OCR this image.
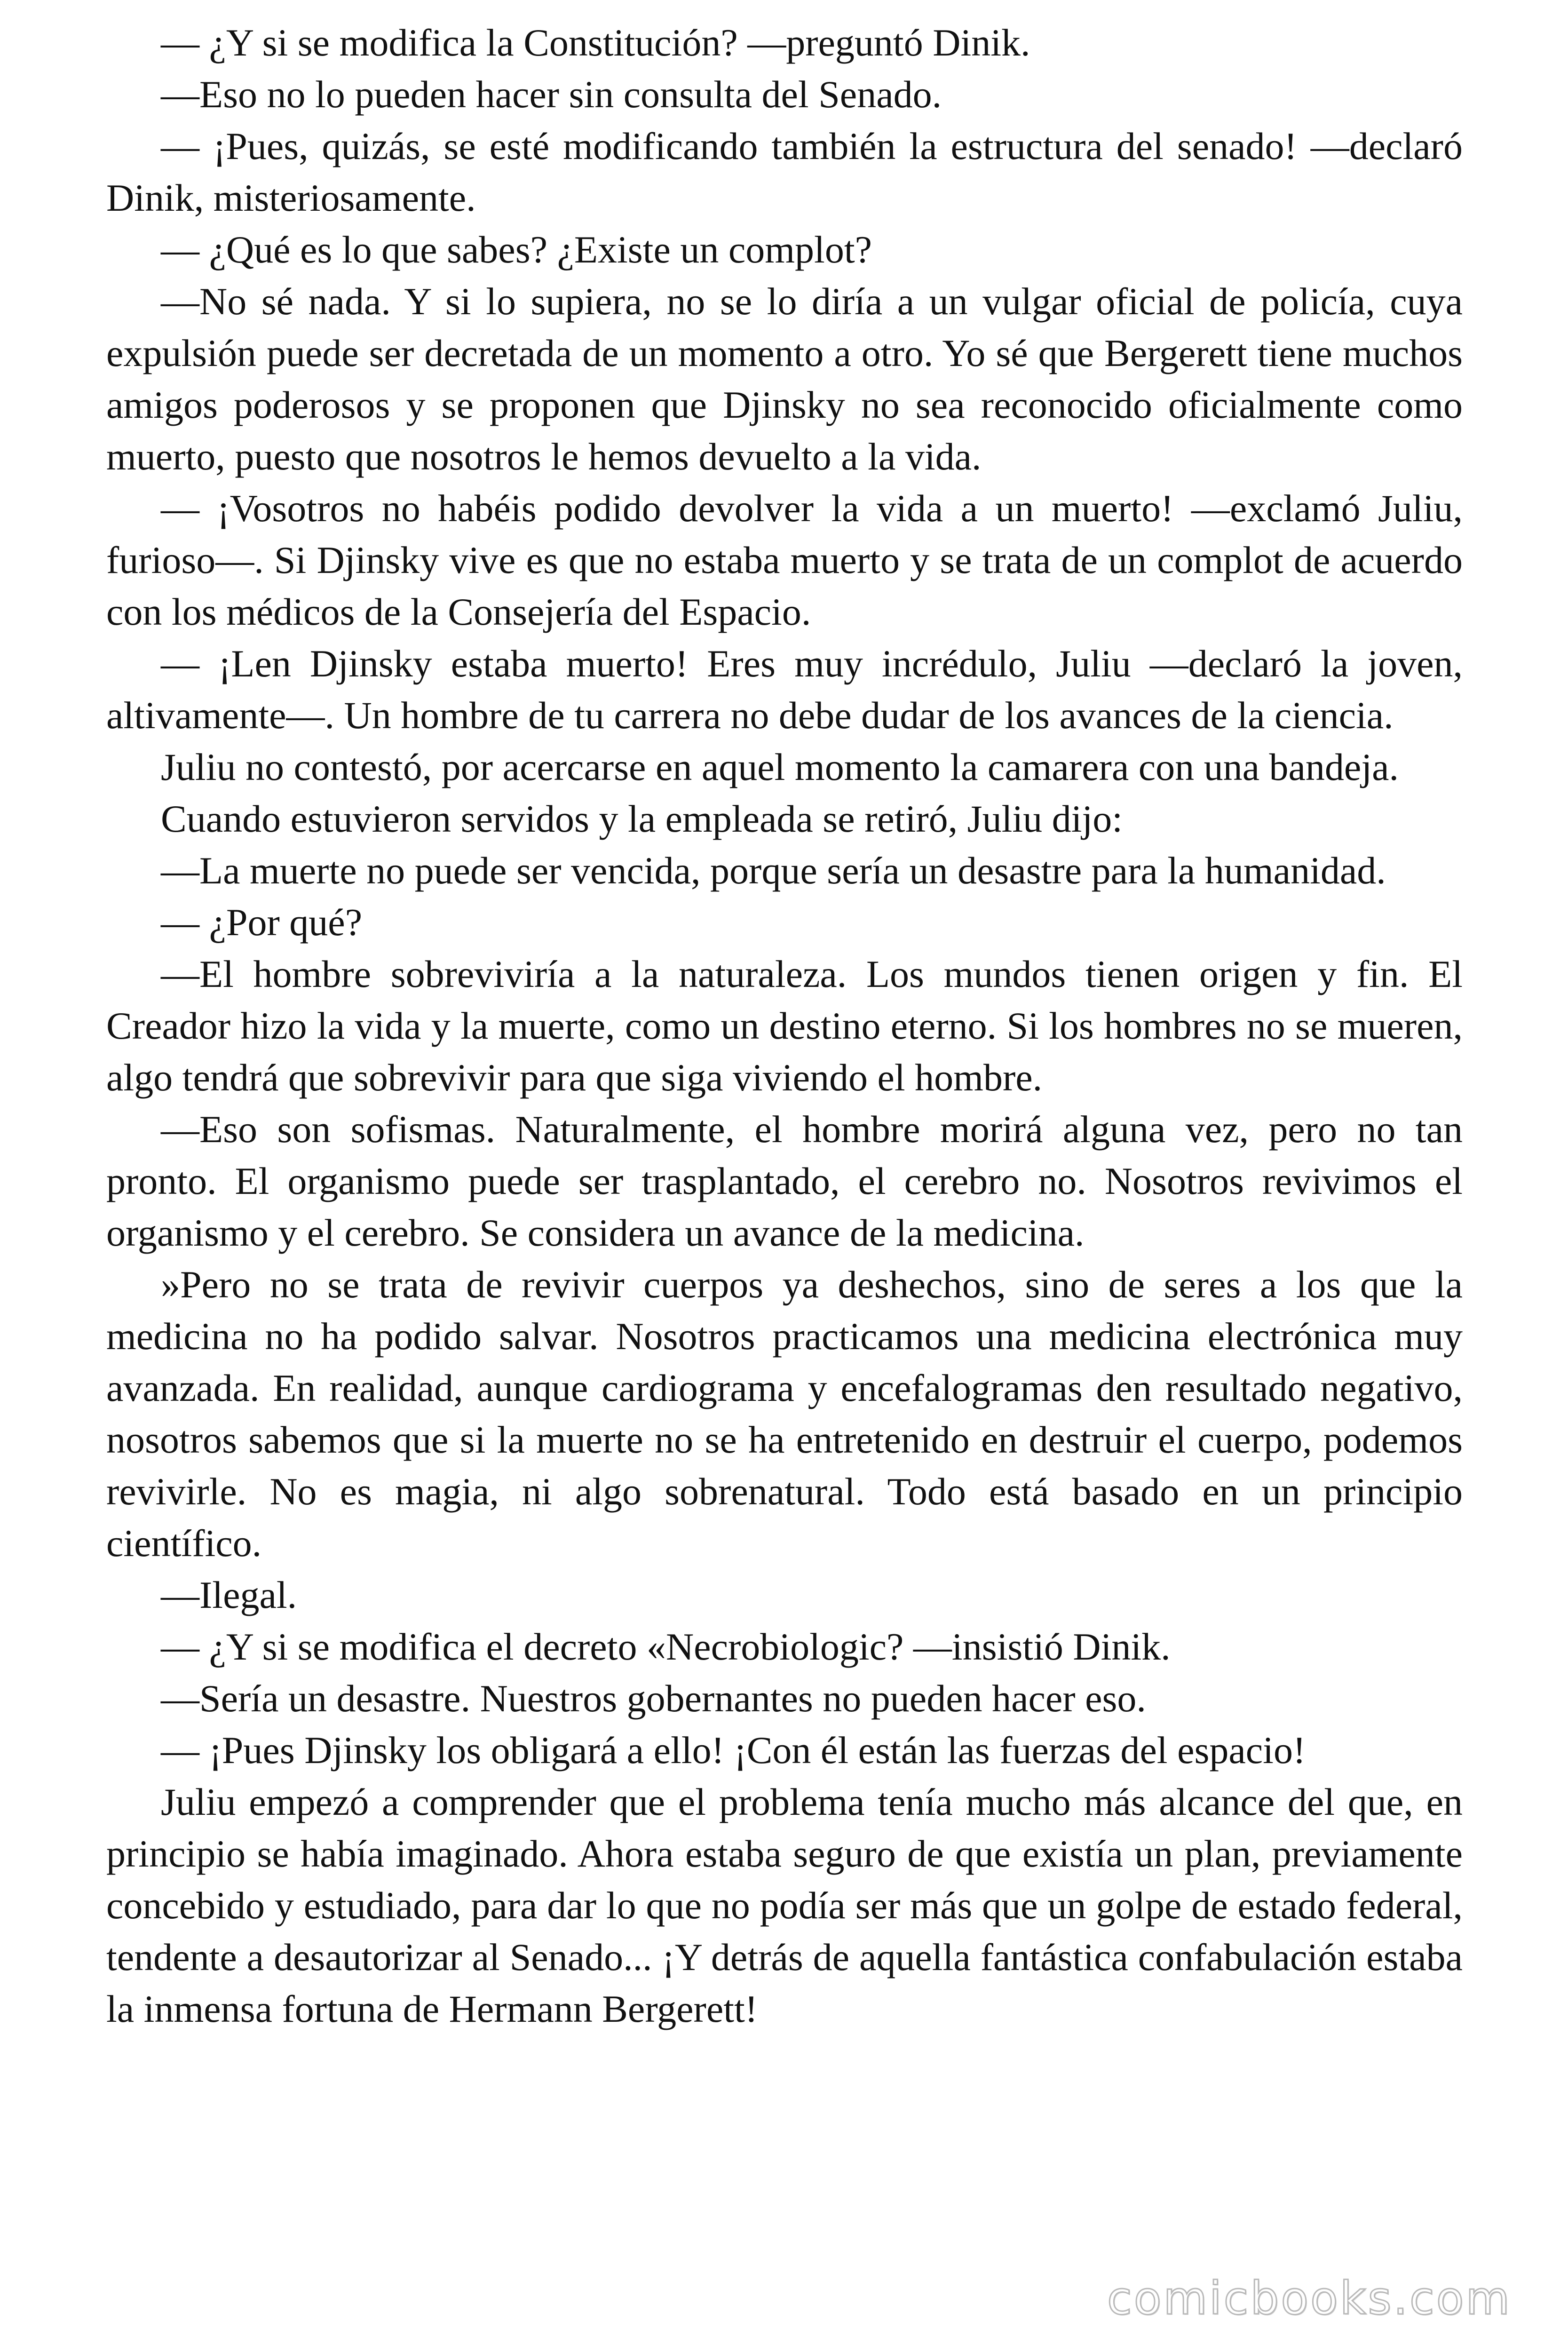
— ¿Y si se modifica la Constitución? —preguntó Dinik.

—Eso no lo pueden hacer sin consulta del Senado.

— ¡Pues, quizás, se esté modificando también la estructura del senado! —declaró Dinik, misteriosamente.

— ¿Qué es lo que sabes? ¿Existe un complot?

—No sé nada. Y si lo supiera, no se lo diría a un vulgar oficial de policía, cuya expulsión puede ser decretada de un momento a otro. Yo sé que Bergerett tiene muchos amigos poderosos y se proponen que Djinsky no sea reconocido oficialmente como muerto, puesto que nosotros le hemos devuelto a la vida.

— ¡Vosotros no habéis podido devolver la vida a un muerto! —exclamó Juliu, furioso—. Si Djinsky vive es que no estaba muerto y se trata de un complot de acuerdo con los médicos de la Consejería del Espacio.

— ¡Len Djinsky estaba muerto! Eres muy incrédulo, Juliu —declaró la joven, altivamente—. Un hombre de tu carrera no debe dudar de los avances de la ciencia.

Juliu no contestó, por acercarse en aquel momento la camarera con una bandeja.

Cuando estuvieron servidos y la empleada se retiró, Juliu dijo:

—La muerte no puede ser vencida, porque sería un desastre para la humanidad.

— ¿Por qué?

—El hombre sobreviviría a la naturaleza. Los mundos tienen origen y fin. El Creador hizo la vida y la muerte, como un destino eterno. Si los hombres no se mueren, algo tendrá que sobrevivir para que siga viviendo el hombre.

—Eso son sofismas. Naturalmente, el hombre morirá alguna vez, pero no tan pronto. El organismo puede ser trasplantado, el cerebro no. Nosotros revivimos el organismo y el cerebro. Se considera un avance de la medicina.

»Pero no se trata de revivir cuerpos ya deshechos, sino de seres a los que la medicina no ha podido salvar. Nosotros practicamos una medicina electrónica muy avanzada. En realidad, aunque cardiograma y encefalogramas den resultado negativo, nosotros sabemos que si la muerte no se ha entretenido en destruir el cuerpo, podemos revivirle. No es magia, ni algo sobrenatural. Todo está basado en un principio científico.

—Ilegal.

— ¿Y si se modifica el decreto «Necrobiologic? —insistió Dinik.

—Sería un desastre. Nuestros gobernantes no pueden hacer eso.

— ¡Pues Djinsky los obligará a ello! ¡Con él están las fuerzas del espacio!

Juliu empezó a comprender que el problema tenía mucho más alcance del que, en principio se había imaginado. Ahora estaba seguro de que existía un plan, previamente concebido y estudiado, para dar lo que no podía ser más que un golpe de estado federal, tendente a desautorizar al Senado... ¡Y detrás de aquella fantástica confabulación estaba la inmensa fortuna de Hermann Bergerett!

comicbooks.com
